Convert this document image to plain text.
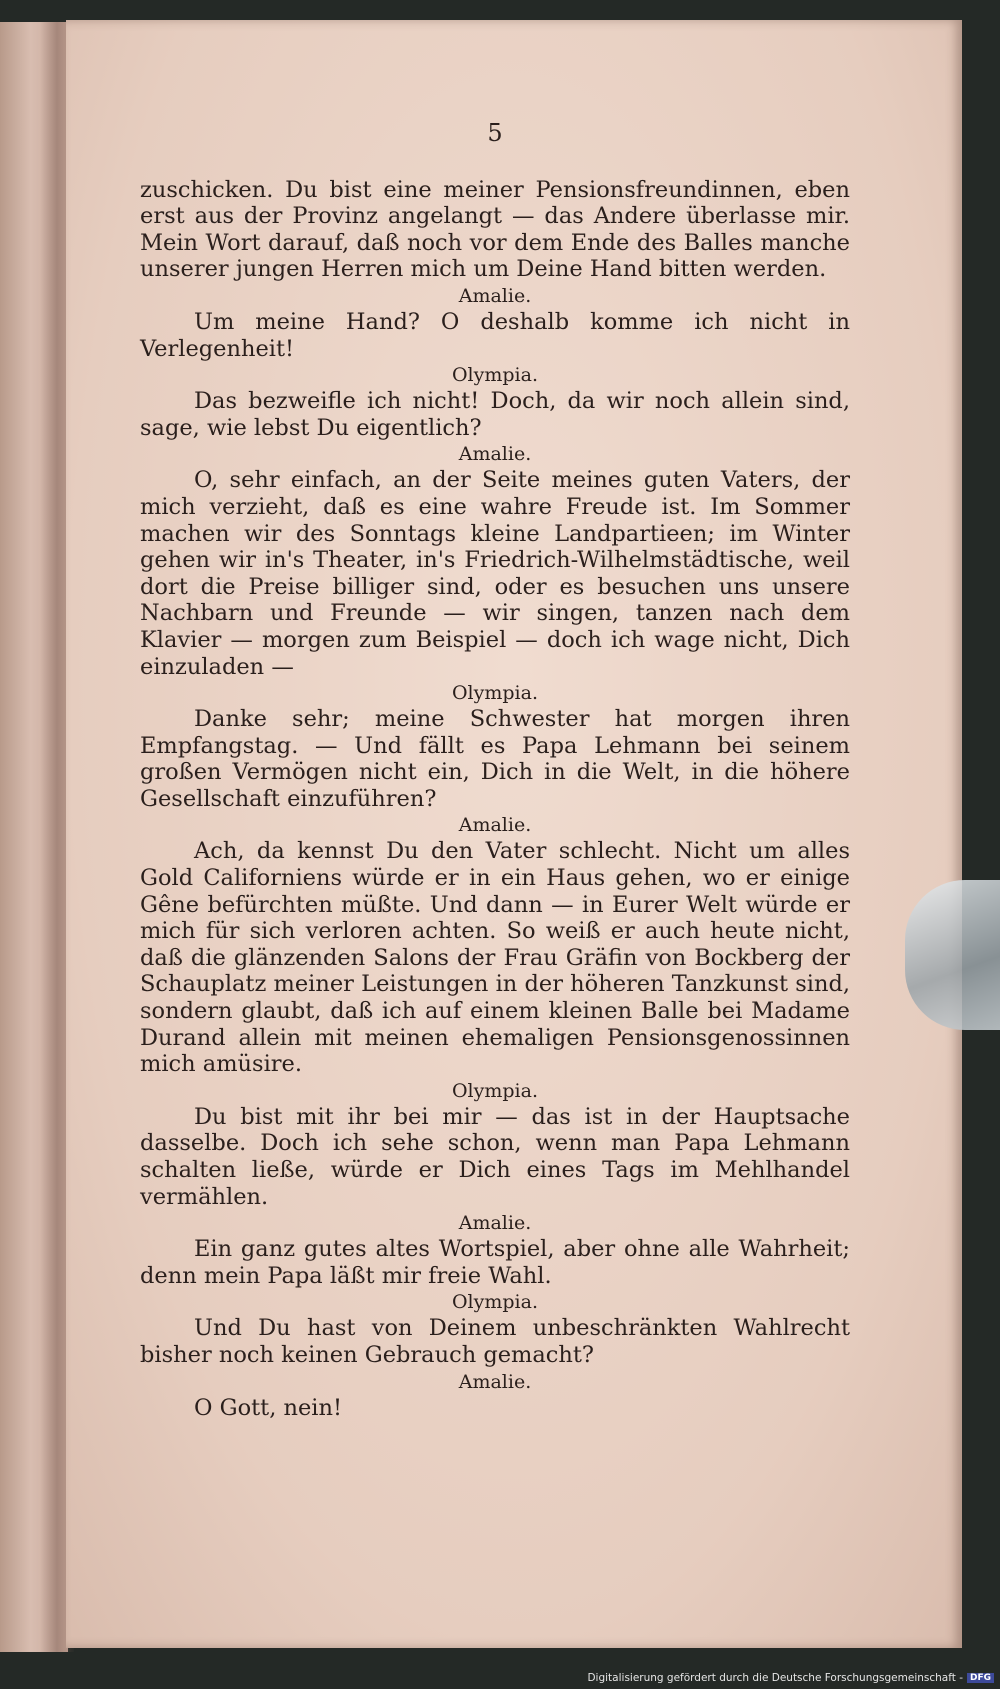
5

zuschicken. Du bist eine meiner Pensionsfreundinnen, eben erst aus der Provinz angelangt — das Andere überlasse mir. Mein Wort darauf, daß noch vor dem Ende des Balles manche unserer jungen Herren mich um Deine Hand bitten werden.

Amalie.

Um meine Hand? O deshalb komme ich nicht in Verlegenheit!

Olympia.

Das bezweifle ich nicht! Doch, da wir noch allein sind, sage, wie lebst Du eigentlich?

Amalie.

O, sehr einfach, an der Seite meines guten Vaters, der mich verzieht, daß es eine wahre Freude ist. Im Sommer machen wir des Sonntags kleine Landpartieen; im Winter gehen wir in's Theater, in's Friedrich-Wilhelmstädtische, weil dort die Preise billiger sind, oder es besuchen uns unsere Nachbarn und Freunde — wir singen, tanzen nach dem Klavier — morgen zum Beispiel — doch ich wage nicht, Dich einzuladen —

Olympia.

Danke sehr; meine Schwester hat morgen ihren Empfangstag. — Und fällt es Papa Lehmann bei seinem großen Vermögen nicht ein, Dich in die Welt, in die höhere Gesellschaft einzuführen?

Amalie.

Ach, da kennst Du den Vater schlecht. Nicht um alles Gold Californiens würde er in ein Haus gehen, wo er einige Gêne befürchten müßte. Und dann — in Eurer Welt würde er mich für sich verloren achten. So weiß er auch heute nicht, daß die glänzenden Salons der Frau Gräfin von Bockberg der Schauplatz meiner Leistungen in der höheren Tanzkunst sind, sondern glaubt, daß ich auf einem kleinen Balle bei Madame Durand allein mit meinen ehemaligen Pensionsgenossinnen mich amüsire.

Olympia.

Du bist mit ihr bei mir — das ist in der Hauptsache dasselbe. Doch ich sehe schon, wenn man Papa Lehmann schalten ließe, würde er Dich eines Tags im Mehlhandel vermählen.

Amalie.

Ein ganz gutes altes Wortspiel, aber ohne alle Wahrheit; denn mein Papa läßt mir freie Wahl.

Olympia.

Und Du hast von Deinem unbeschränkten Wahlrecht bisher noch keinen Gebrauch gemacht?

Amalie.

O Gott, nein!

Digitalisierung gefördert durch die Deutsche Forschungsgemeinschaft - DFG
